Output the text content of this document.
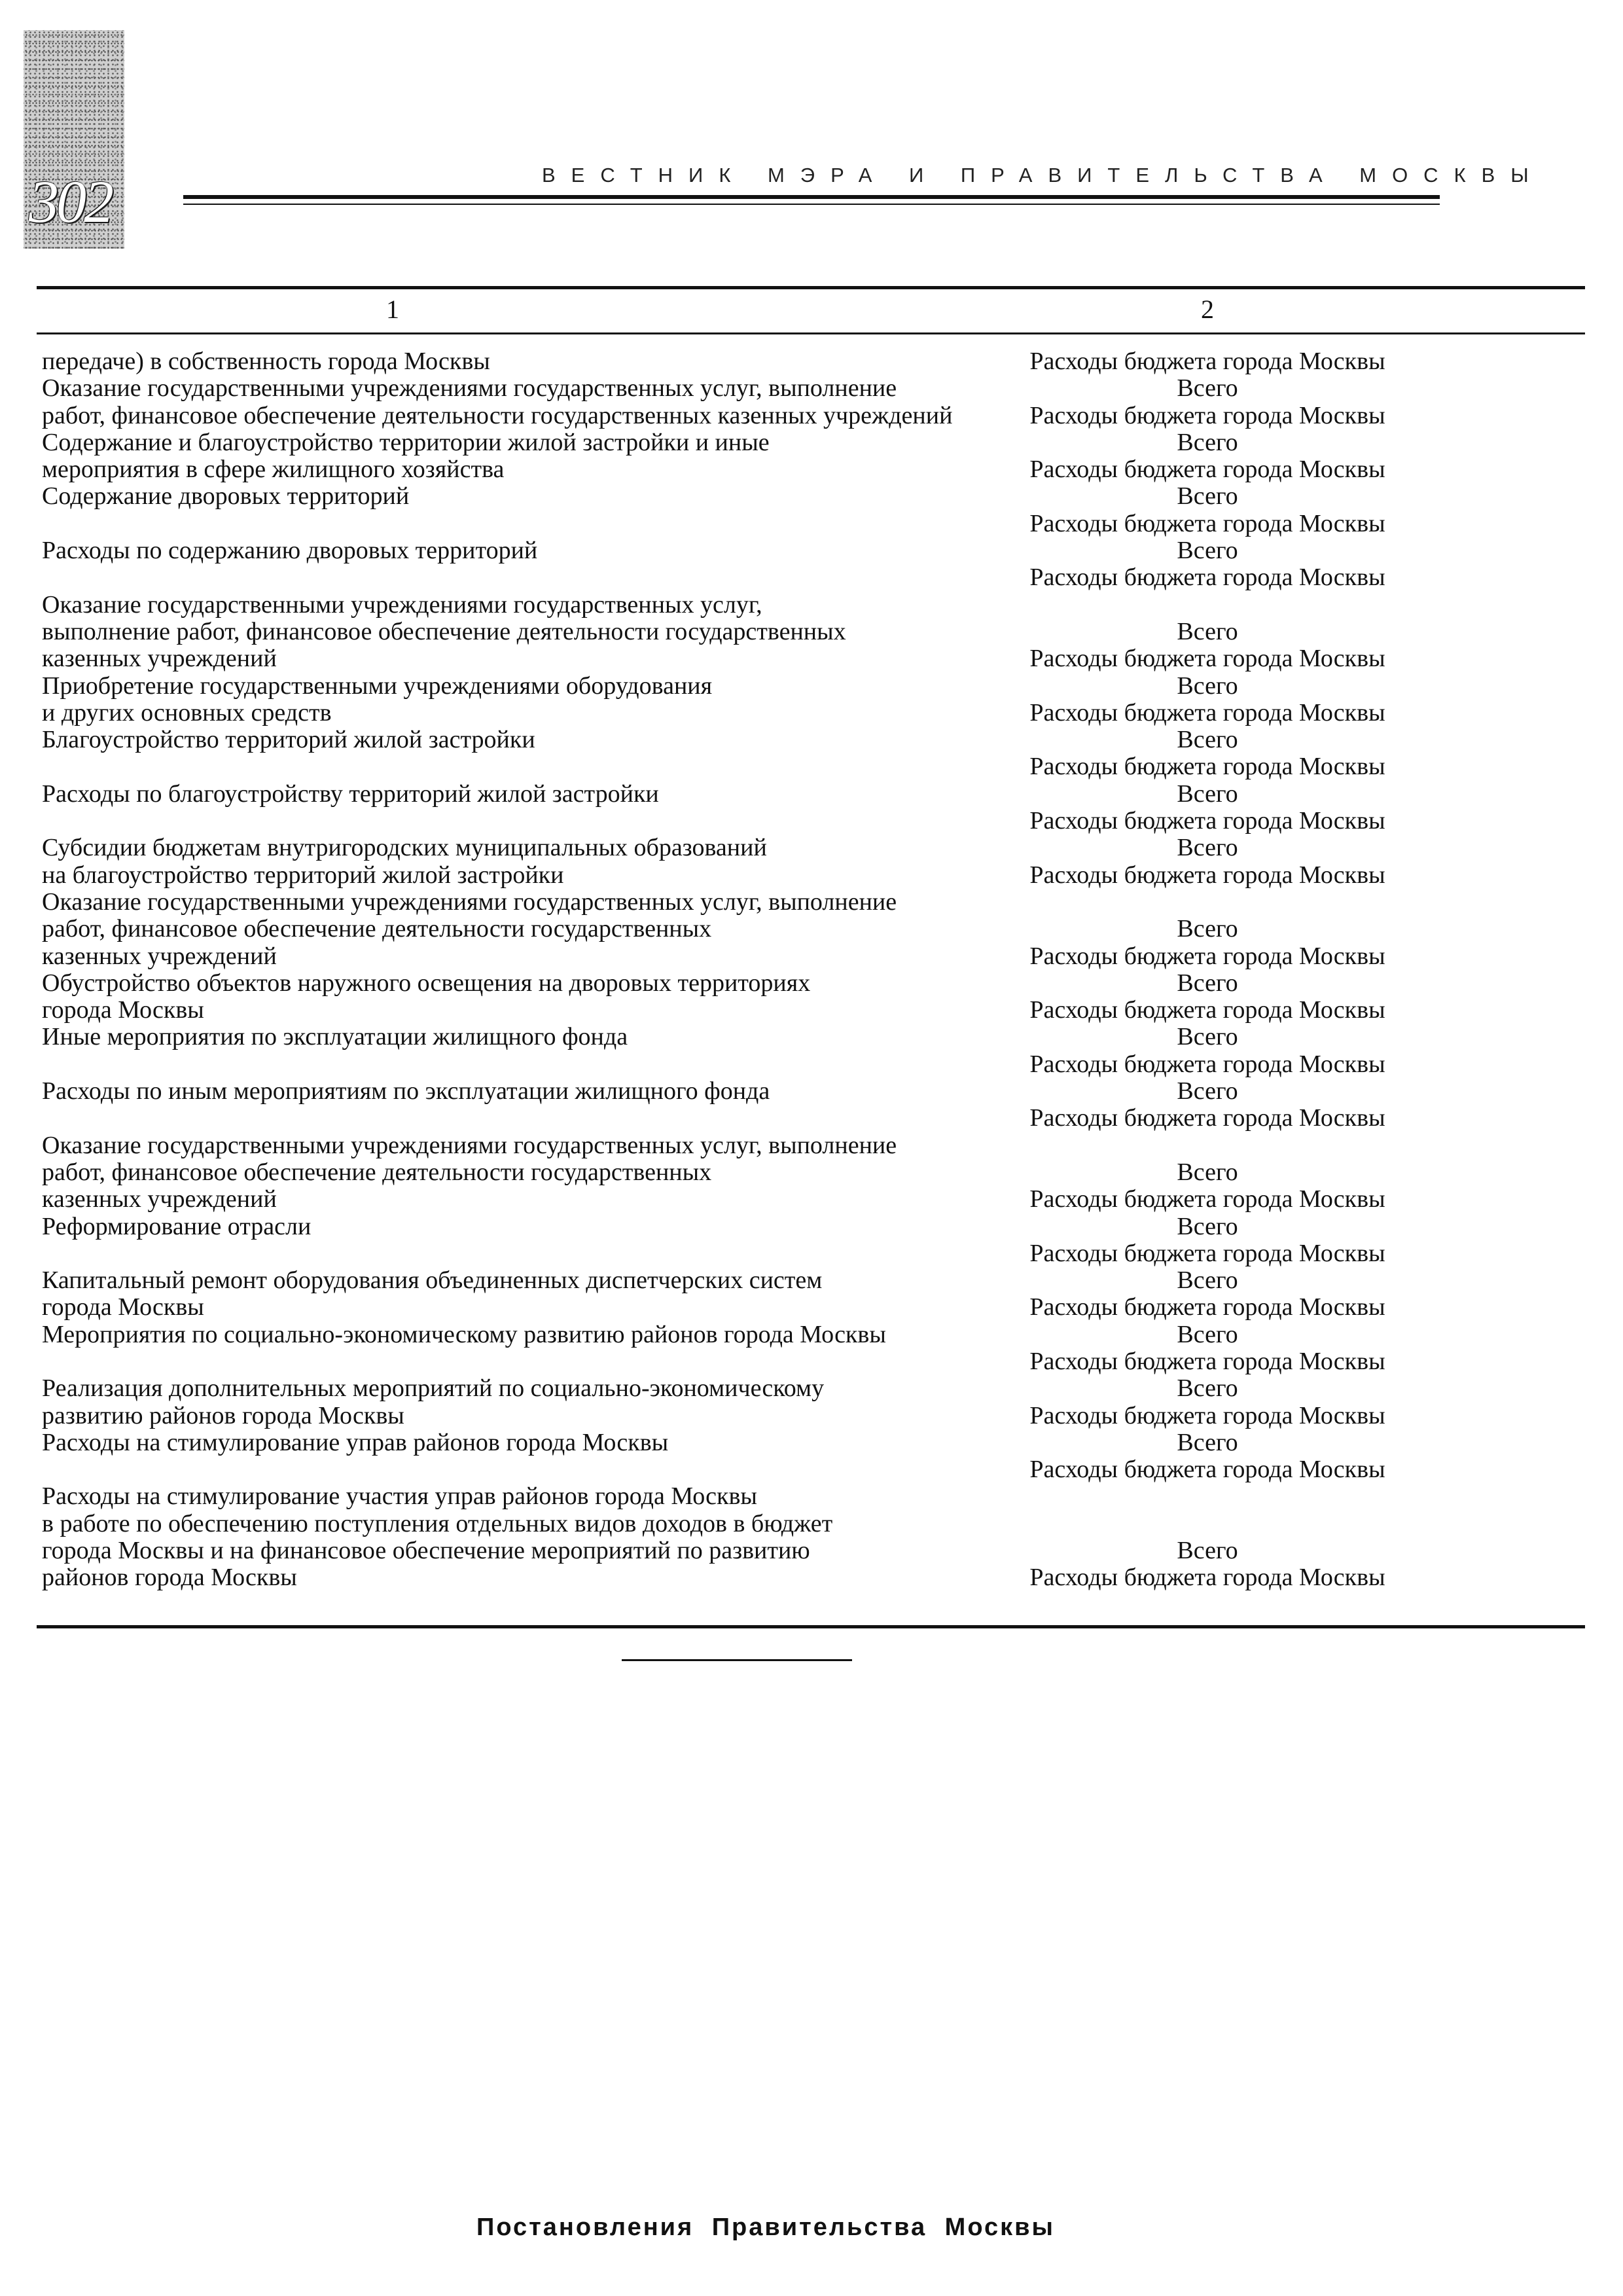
302	ВЕСТНИК МЭРА И ПРАВИТЕЛЬСТВА МОСКВЫ
1	2
передаче) в собственность города Москвы	Расходы бюджета города Москвы
Оказание государственными учреждениями государственных услуг, выполнение	Всего
работ, финансовое обеспечение деятельности государственных казенных учреждений	Расходы бюджета города Москвы
Содержание и благоустройство территории жилой застройки и иные	Всего
мероприятия в сфере жилищного хозяйства	Расходы бюджета города Москвы
Содержание дворовых территорий	Всего
Расходы бюджета города Москвы
Расходы по содержанию дворовых территорий	Всего
Расходы бюджета города Москвы
Оказание государственными учреждениями государственных услуг,
выполнение работ, финансовое обеспечение деятельности государственных	Всего
казенных учреждений	Расходы бюджета города Москвы
Приобретение государственными учреждениями оборудования	Всего
и других основных средств	Расходы бюджета города Москвы
Благоустройство территорий жилой застройки	Всего
Расходы бюджета города Москвы
Расходы по благоустройству территорий жилой застройки	Всего
Расходы бюджета города Москвы
Субсидии бюджетам внутригородских муниципальных образований	Всего
на благоустройство территорий жилой застройки	Расходы бюджета города Москвы
Оказание государственными учреждениями государственных услуг, выполнение
работ, финансовое обеспечение деятельности государственных	Всего
казенных учреждений	Расходы бюджета города Москвы
Обустройство объектов наружного освещения на дворовых территориях	Всего
города Москвы	Расходы бюджета города Москвы
Иные мероприятия по эксплуатации жилищного фонда	Всего
Расходы бюджета города Москвы
Расходы по иным мероприятиям по эксплуатации жилищного фонда	Всего
Расходы бюджета города Москвы
Оказание государственными учреждениями государственных услуг, выполнение
работ, финансовое обеспечение деятельности государственных	Всего
казенных учреждений	Расходы бюджета города Москвы
Реформирование отрасли	Всего
Расходы бюджета города Москвы
Капитальный ремонт оборудования объединенных диспетчерских систем	Всего
города Москвы	Расходы бюджета города Москвы
Мероприятия по социально-экономическому развитию районов города Москвы	Всего
Расходы бюджета города Москвы
Реализация дополнительных мероприятий по социально-экономическому	Всего
развитию районов города Москвы	Расходы бюджета города Москвы
Расходы на стимулирование управ районов города Москвы	Всего
Расходы бюджета города Москвы
Расходы на стимулирование участия управ районов города Москвы
в работе по обеспечению поступления отдельных видов доходов в бюджет
города Москвы и на финансовое обеспечение мероприятий по развитию	Всего
районов города Москвы	Расходы бюджета города Москвы
Постановления Правительства Москвы
